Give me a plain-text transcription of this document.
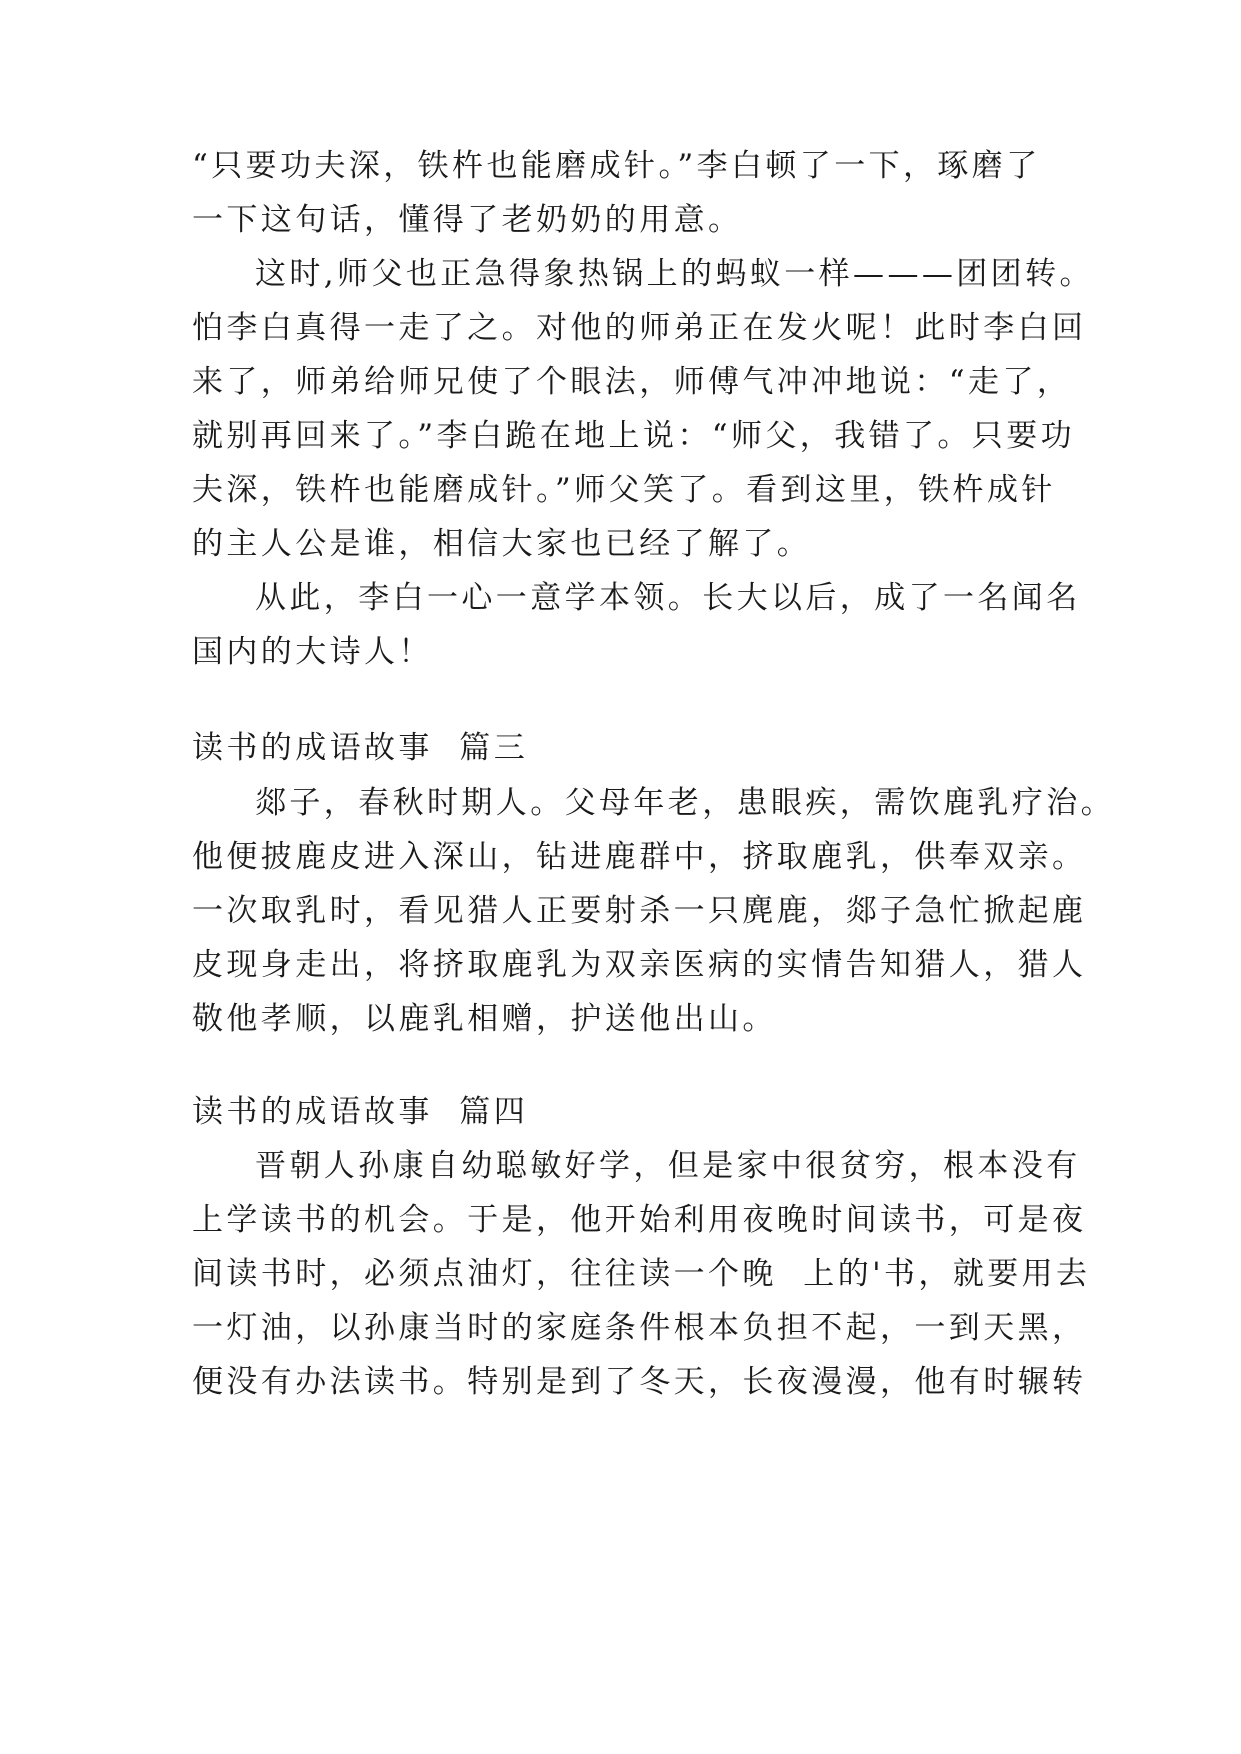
“只要功夫深，铁杵也能磨成针。”李白顿了一下，琢磨了
一下这句话，懂得了老奶奶的用意。
这时,师父也正急得象热锅上的蚂蚁一样———团团转。
怕李白真得一走了之。对他的师弟正在发火呢！此时李白回
来了，师弟给师兄使了个眼法，师傅气冲冲地说：“走了，
就别再回来了。”李白跪在地上说：“师父，我错了。只要功
夫深，铁杵也能磨成针。”师父笑了。看到这里，铁杵成针
的主人公是谁，相信大家也已经了解了。
从此，李白一心一意学本领。长大以后，成了一名闻名
国内的大诗人！
读书的成语故事  篇三
郯子，春秋时期人。父母年老，患眼疾，需饮鹿乳疗治。
他便披鹿皮进入深山，钻进鹿群中，挤取鹿乳，供奉双亲。
一次取乳时，看见猎人正要射杀一只麂鹿，郯子急忙掀起鹿
皮现身走出，将挤取鹿乳为双亲医病的实情告知猎人，猎人
敬他孝顺，以鹿乳相赠，护送他出山。
读书的成语故事  篇四
晋朝人孙康自幼聪敏好学，但是家中很贫穷，根本没有
上学读书的机会。于是，他开始利用夜晚时间读书，可是夜
间读书时，必须点油灯，往往读一个晚  上的'书，就要用去
一灯油，以孙康当时的家庭条件根本负担不起，一到天黑，
便没有办法读书。特别是到了冬天，长夜漫漫，他有时辗转
